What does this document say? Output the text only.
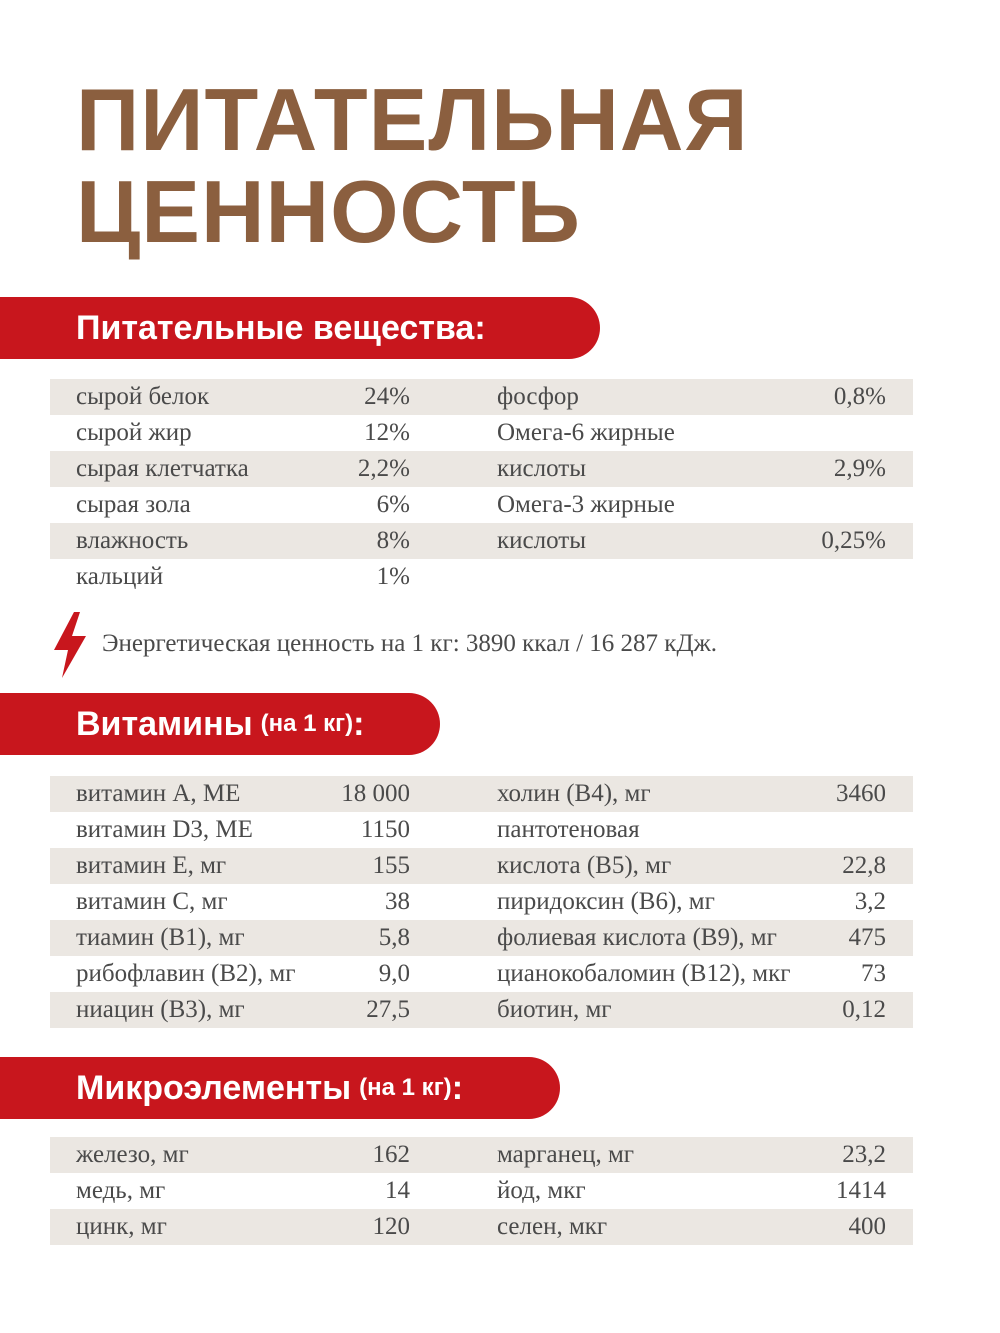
ПИТАТЕЛЬНАЯ
ЦЕННОСТЬ
Питательные вещества:
сырой белок	24%	фосфор	0,8%
сырой жир	12%	Омега-6 жирные
сырая клетчатка	2,2%	кислоты	2,9%
сырая зола	6%	Омега-3 жирные
влажность	8%	кислоты	0,25%
кальций	1%
Энергетическая ценность на 1 кг: 3890 ккал / 16 287 кДж.
Витамины (на 1 кг) :
витамин А, МЕ	18 000	холин (В4), мг	3460
витамин D3, МЕ	1150	пантотеновая
витамин Е, мг	155	кислота (В5), мг	22,8
витамин С, мг	38	пиридоксин (В6), мг	3,2
тиамин (В1), мг	5,8	фолиевая кислота (В9), мг	475
рибофлавин (В2), мг	9,0	цианокобаломин (В12), мкг	73
ниацин (В3), мг	27,5	биотин, мг	0,12
Микроэлементы (на 1 кг) :
железо, мг	162	марганец, мг	23,2
медь, мг	14	йод, мкг	1414
цинк, мг	120	селен, мкг	400
